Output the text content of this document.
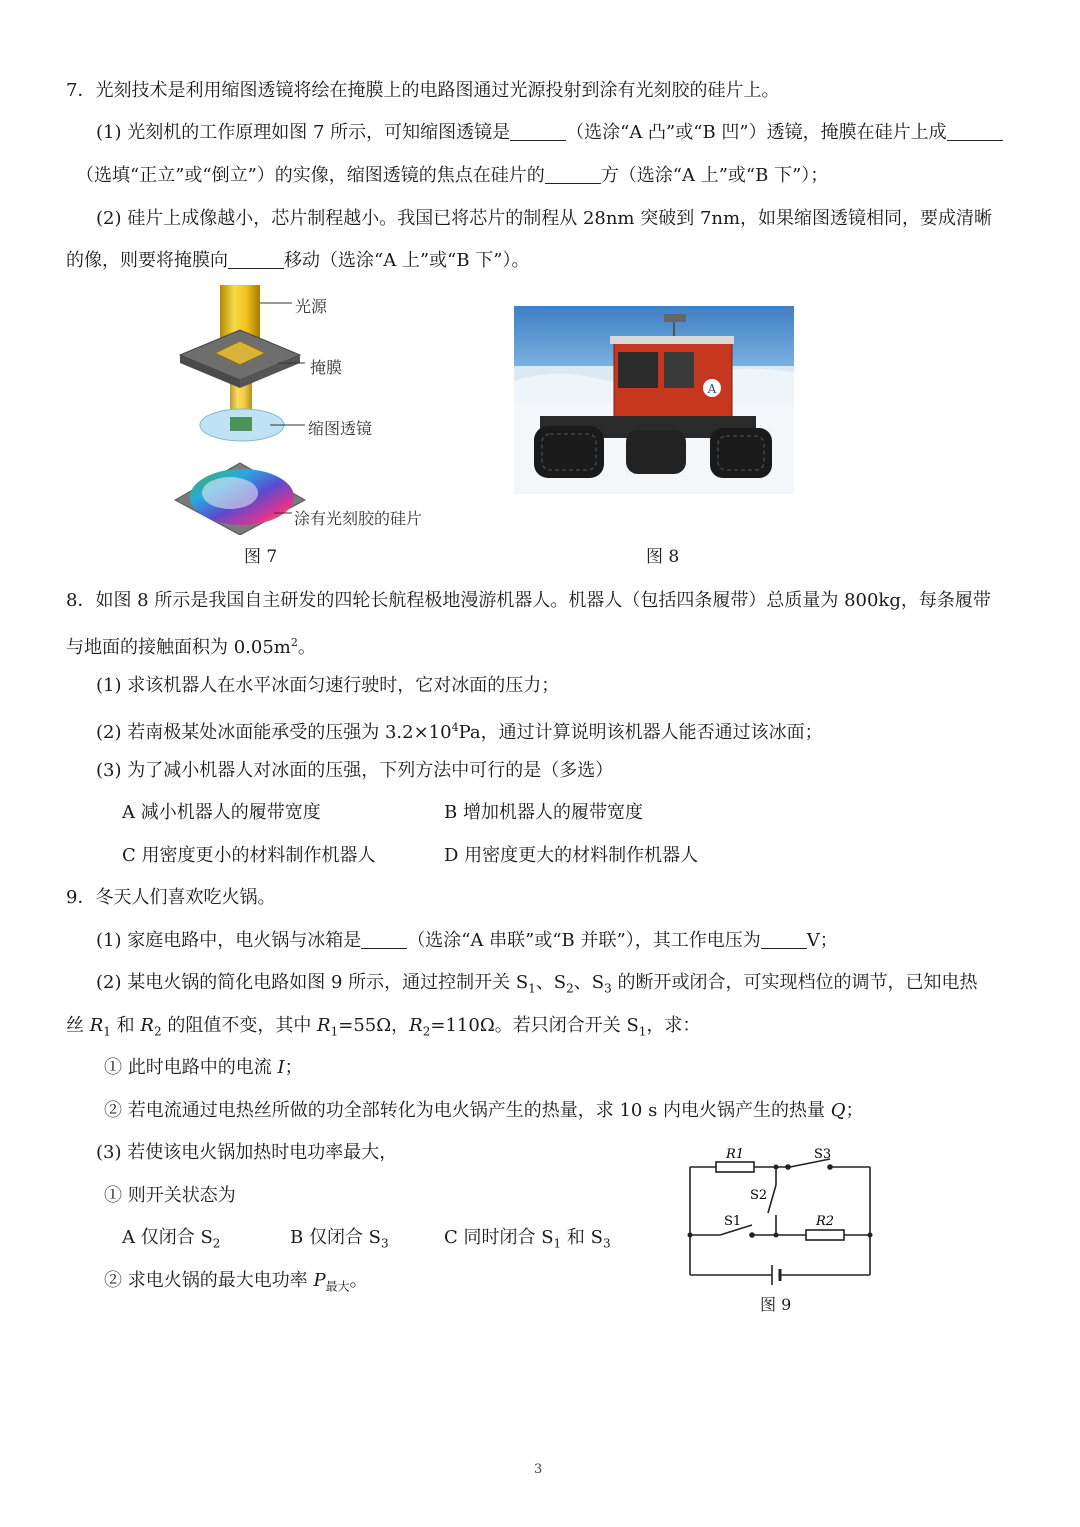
7．光刻技术是利用缩图透镜将绘在掩膜上的电路图通过光源投射到涂有光刻胶的硅片上。
(1) 光刻机的工作原理如图 7 所示，可知缩图透镜是	（选涂“A 凸”或“B 凹”）透镜，掩膜在硅片上成
（选填“正立”或“倒立”）的实像，缩图透镜的焦点在硅片的	方（选涂“A 上”或“B 下”）；
(2) 硅片上成像越小，芯片制程越小。我国已将芯片的制程从 28nm 突破到 7nm，如果缩图透镜相同，要成清晰
的像，则要将掩膜向	移动（选涂“A 上”或“B 下”）。
光源
掩膜
缩图透镜
涂有光刻胶的硅片
图 7
A
图 8
8．如图 8 所示是我国自主研发的四轮长航程极地漫游机器人。机器人（包括四条履带）总质量为 800kg，每条履带
与地面的接触面积为 $0.05m^2$。
(1) 求该机器人在水平冰面匀速行驶时，它对冰面的压力；
(2) 若南极某处冰面能承受的压强为 $3.2\times 10^4Pa$，通过计算说明该机器人能否通过该冰面；
(3) 为了减小机器人对冰面的压强，下列方法中可行的是（多选）
A 减小机器人的履带宽度	B 增加机器人的履带宽度
C 用密度更小的材料制作机器人	D 用密度更大的材料制作机器人
9．冬天人们喜欢吃火锅。
(1) 家庭电路中，电火锅与冰箱是	（选涂“A 串联”或“B 并联”），其工作电压为	V；
(2) 某电火锅的简化电路如图 9 所示，通过控制开关 $S_1$、$S_2$、$S_3$ 的断开或闭合，可实现档位的调节，已知电热
丝 $R_1$ 和 $R_2$ 的阻值不变，其中 $R_1=55\Omega$，$R_2=110\Omega$。若只闭合开关 $S_1$，求：
① 此时电路中的电流 I；
② 若电流通过电热丝所做的功全部转化为电火锅产生的热量，求 10 s 内电火锅产生的热量 Q；
(3) 若使该电火锅加热时电功率最大，
① 则开关状态为
A 仅闭合 $S_2$	B 仅闭合 $S_3$	C 同时闭合 $S_1$ 和 $S_3$
② 求电火锅的最大电功率 $P_{最大}$。
R1	S3
S2
S1	R2
图 9
3
